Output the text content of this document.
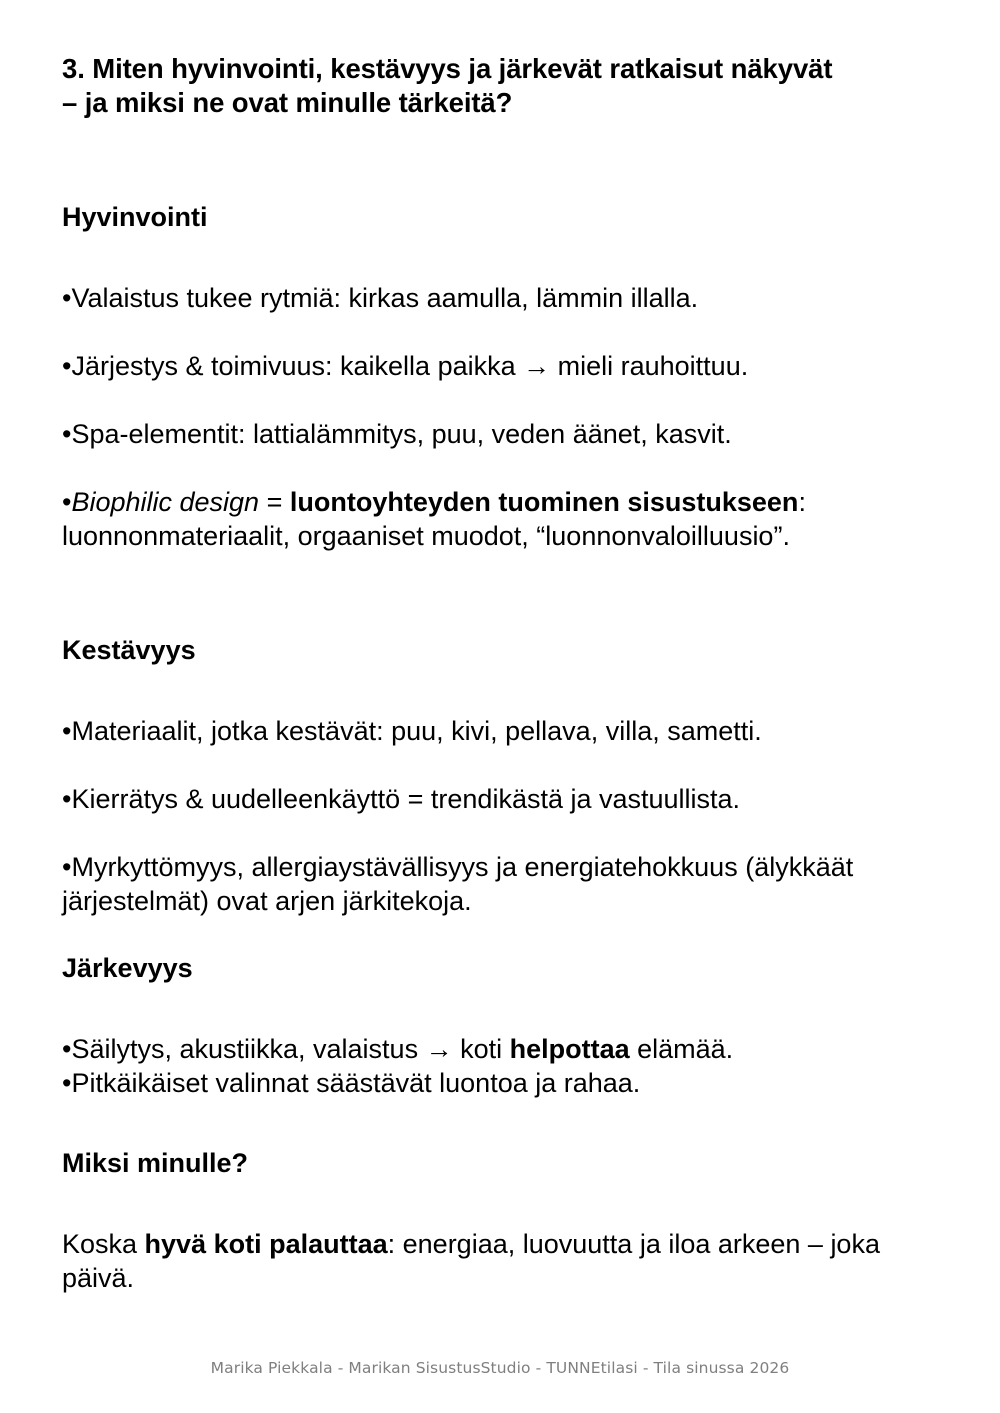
3. Miten hyvinvointi, kestävyys ja järkevät ratkaisut näkyvät
– ja miksi ne ovat minulle tärkeitä?
Hyvinvointi

•Valaistus tukee rytmiä: kirkas aamulla, lämmin illalla.

•Järjestys & toimivuus: kaikella paikka → mieli rauhoittuu.

•Spa-elementit: lattialämmitys, puu, veden äänet, kasvit.

•Biophilic design = luontoyhteyden tuominen sisustukseen: luonnonmateriaalit, orgaaniset muodot, “luonnonvaloilluusio”.

Kestävyys

•Materiaalit, jotka kestävät: puu, kivi, pellava, villa, sametti.

•Kierrätys & uudelleenkäyttö = trendikästä ja vastuullista.

•Myrkyttömyys, allergiaystävällisyys ja energiatehokkuus (älykkäät järjestelmät) ovat arjen järkitekoja.

Järkevyys

•Säilytys, akustiikka, valaistus → koti helpottaa elämää.

•Pitkäikäiset valinnat säästävät luontoa ja rahaa.

Miksi minulle?

Koska hyvä koti palauttaa: energiaa, luovuutta ja iloa arkeen – joka päivä.

Marika Piekkala - Marikan SisustusStudio - TUNNEtilasi - Tila sinussa 2026
